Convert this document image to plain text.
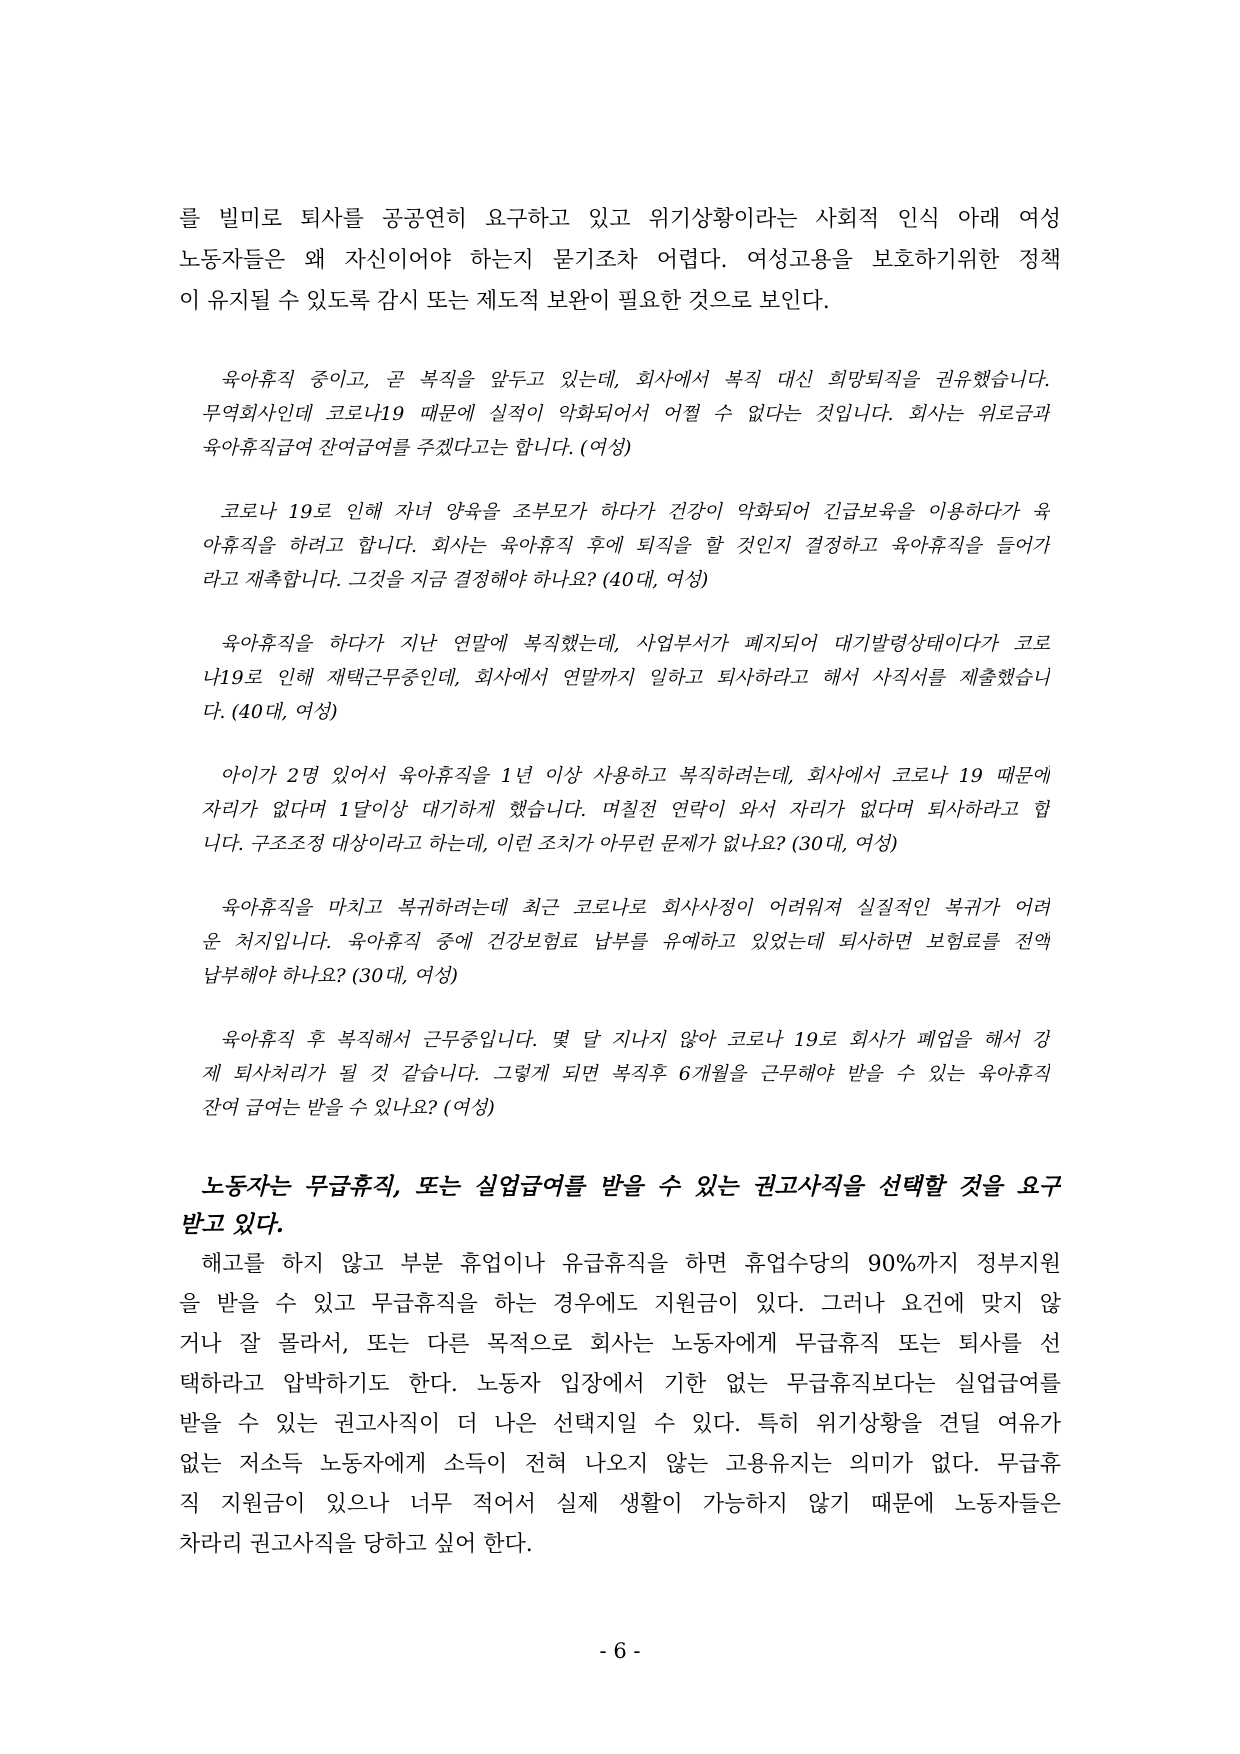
를 빌미로 퇴사를 공공연히 요구하고 있고 위기상황이라는 사회적 인식 아래 여성
노동자들은 왜 자신이어야 하는지 묻기조차 어렵다. 여성고용을 보호하기위한 정책
이 유지될 수 있도록 감시 또는 제도적 보완이 필요한 것으로 보인다.
육아휴직 중이고, 곧 복직을 앞두고 있는데, 회사에서 복직 대신 희망퇴직을 권유했습니다.
무역회사인데 코로나19 때문에 실적이 악화되어서 어쩔 수 없다는 것입니다. 회사는 위로금과
육아휴직급여 잔여급여를 주겠다고는 합니다. (여성)
코로나 19로 인해 자녀 양육을 조부모가 하다가 건강이 악화되어 긴급보육을 이용하다가 육
아휴직을 하려고 합니다. 회사는 육아휴직 후에 퇴직을 할 것인지 결정하고 육아휴직을 들어가
라고 재촉합니다. 그것을 지금 결정해야 하나요? (40대, 여성)
육아휴직을 하다가 지난 연말에 복직했는데, 사업부서가 폐지되어 대기발령상태이다가 코로
나19로 인해 재택근무중인데, 회사에서 연말까지 일하고 퇴사하라고 해서 사직서를 제출했습니
다. (40대, 여성)
아이가 2명 있어서 육아휴직을 1년 이상 사용하고 복직하려는데, 회사에서 코로나 19 때문에
자리가 없다며 1달이상 대기하게 했습니다. 며칠전 연락이 와서 자리가 없다며 퇴사하라고 합
니다. 구조조정 대상이라고 하는데, 이런 조치가 아무런 문제가 없나요? (30대, 여성)
육아휴직을 마치고 복귀하려는데 최근 코로나로 회사사정이 어려워져 실질적인 복귀가 어려
운 처지입니다. 육아휴직 중에 건강보험료 납부를 유예하고 있었는데 퇴사하면 보험료를 전액
납부해야 하나요? (30대, 여성)
육아휴직 후 복직해서 근무중입니다. 몇 달 지나지 않아 코로나 19로 회사가 폐업을 해서 강
제 퇴사처리가 될 것 같습니다. 그렇게 되면 복직후 6개월을 근무해야 받을 수 있는 육아휴직
잔여 급여는 받을 수 있나요? (여성)
노동자는 무급휴직, 또는 실업급여를 받을 수 있는 권고사직을 선택할 것을 요구
받고 있다.
해고를 하지 않고 부분 휴업이나 유급휴직을 하면 휴업수당의 90%까지 정부지원
을 받을 수 있고 무급휴직을 하는 경우에도 지원금이 있다. 그러나 요건에 맞지 않
거나 잘 몰라서, 또는 다른 목적으로 회사는 노동자에게 무급휴직 또는 퇴사를 선
택하라고 압박하기도 한다. 노동자 입장에서 기한 없는 무급휴직보다는 실업급여를
받을 수 있는 권고사직이 더 나은 선택지일 수 있다. 특히 위기상황을 견딜 여유가
없는 저소득 노동자에게 소득이 전혀 나오지 않는 고용유지는 의미가 없다. 무급휴
직 지원금이 있으나 너무 적어서 실제 생활이 가능하지 않기 때문에 노동자들은
차라리 권고사직을 당하고 싶어 한다.
- 6 -
